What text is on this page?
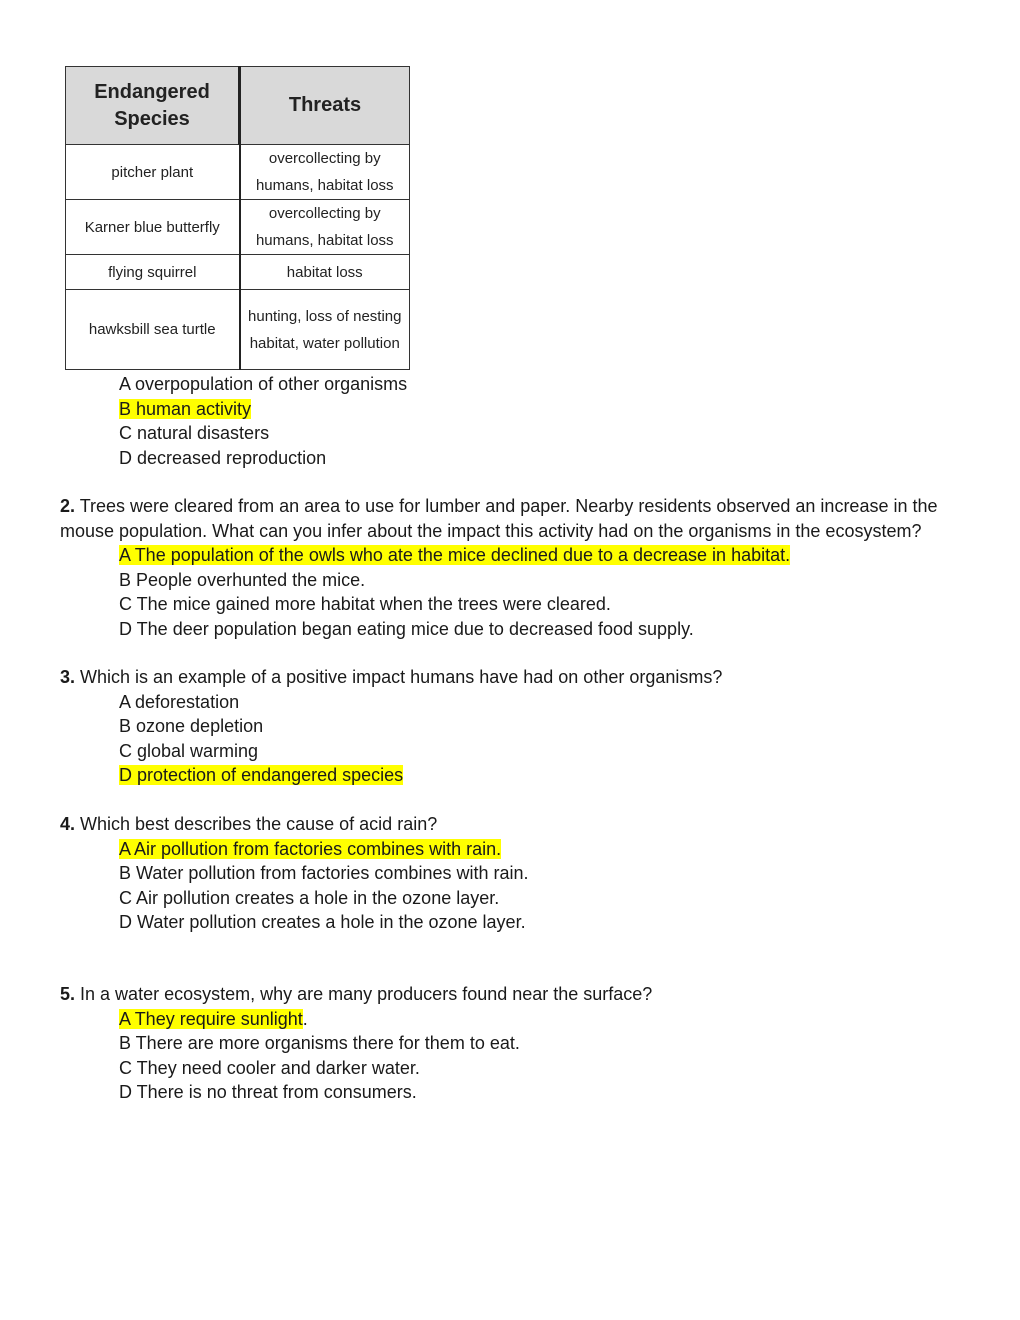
Endangered Species	Threats
pitcher plant	overcollecting by humans, habitat loss
Karner blue butterfly	overcollecting by humans, habitat loss
flying squirrel	habitat loss
hawksbill sea turtle	hunting, loss of nesting habitat, water pollution
A overpopulation of other organisms
B human activity
C natural disasters
D decreased reproduction

2. Trees were cleared from an area to use for lumber and paper. Nearby residents observed an increase in the mouse population. What can you infer about the impact this activity had on the organisms in the ecosystem?

A The population of the owls who ate the mice declined due to a decrease in habitat.
B People overhunted the mice.
C The mice gained more habitat when the trees were cleared.
D The deer population began eating mice due to decreased food supply.

3. Which is an example of a positive impact humans have had on other organisms?

A deforestation
B ozone depletion
C global warming
D protection of endangered species

4. Which best describes the cause of acid rain?

A Air pollution from factories combines with rain.
B Water pollution from factories combines with rain.
C Air pollution creates a hole in the ozone layer.
D Water pollution creates a hole in the ozone layer.

5. In a water ecosystem, why are many producers found near the surface?

A They require sunlight.
B There are more organisms there for them to eat.
C They need cooler and darker water.
D There is no threat from consumers.
